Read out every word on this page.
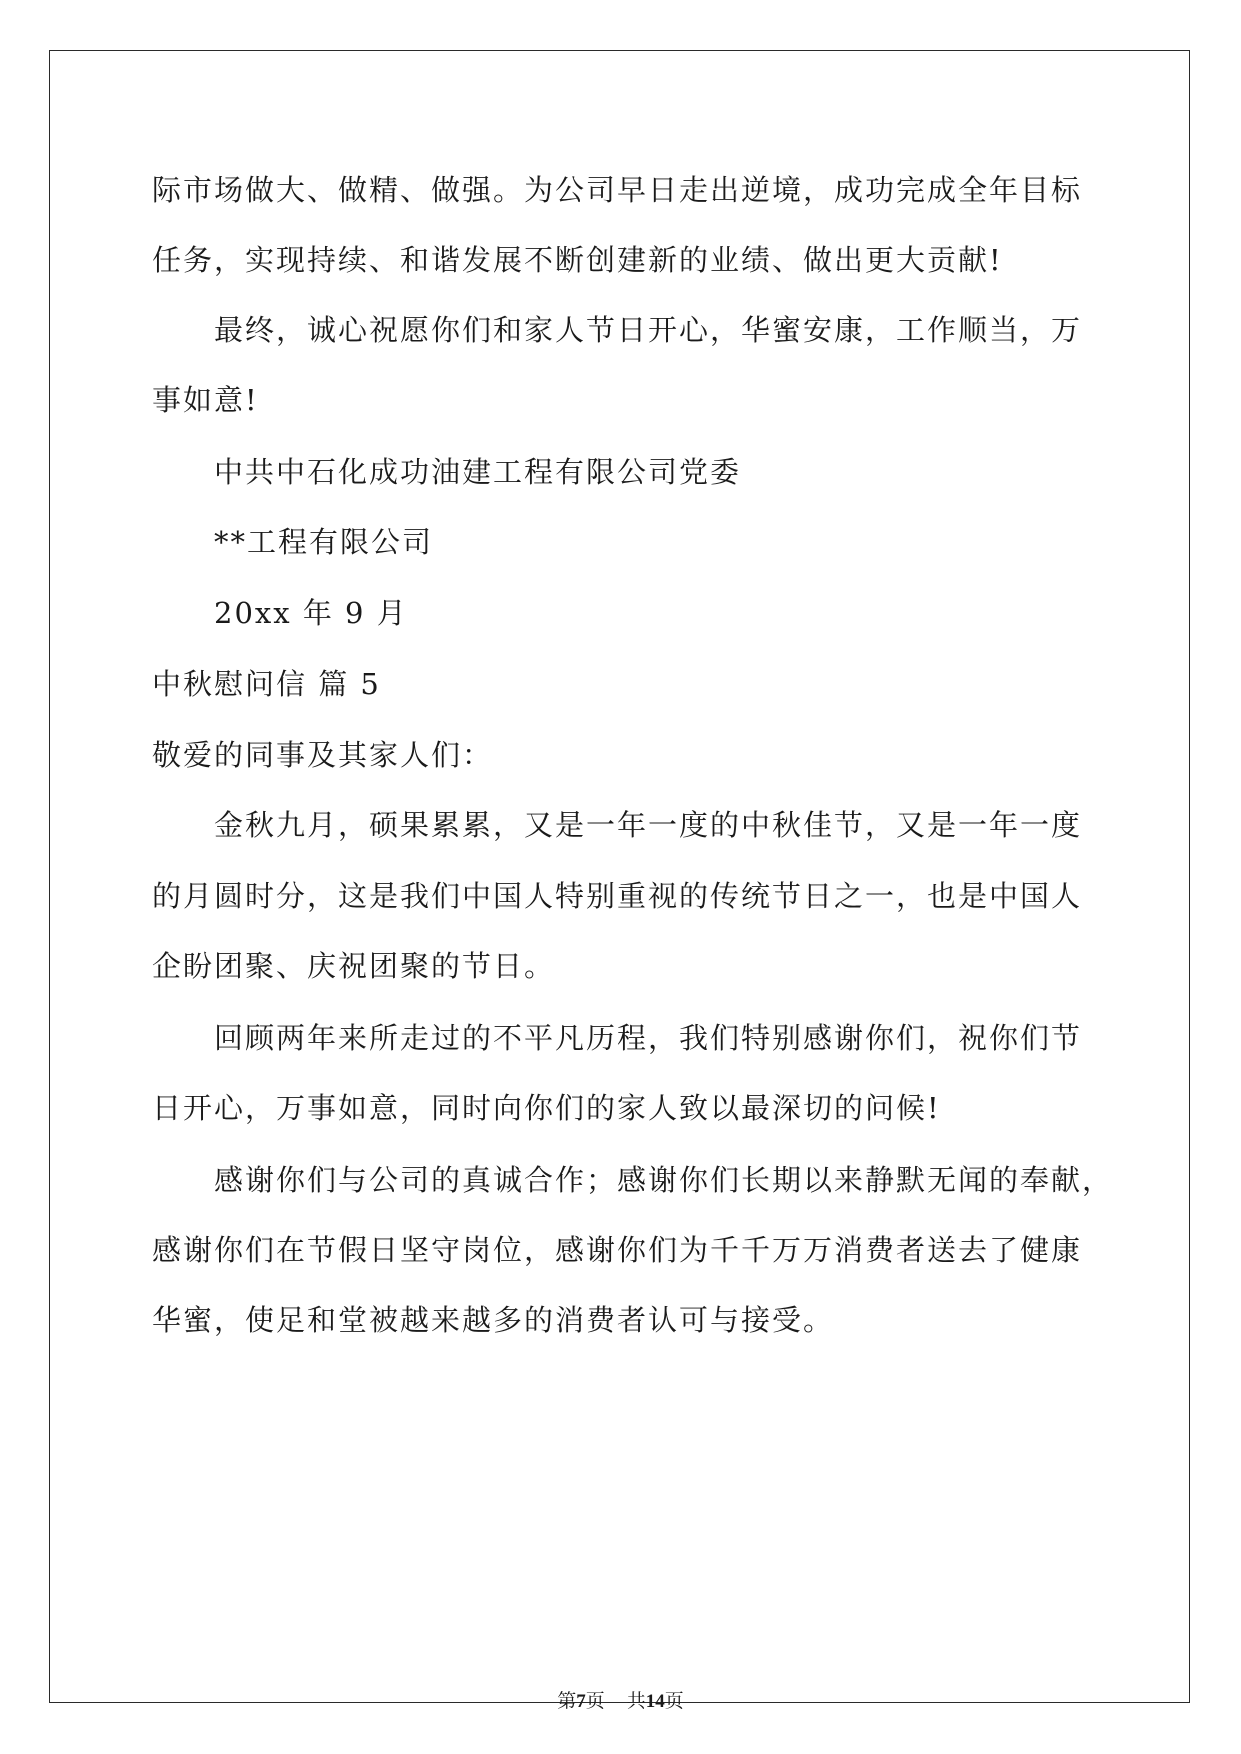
际市场做大、做精、做强。为公司早日走出逆境，成功完成全年目标
任务，实现持续、和谐发展不断创建新的业绩、做出更大贡献!
最终，诚心祝愿你们和家人节日开心，华蜜安康，工作顺当，万
事如意!
中共中石化成功油建工程有限公司党委
**工程有限公司
20xx 年 9 月
中秋慰问信 篇 5
敬爱的同事及其家人们：
金秋九月，硕果累累，又是一年一度的中秋佳节，又是一年一度
的月圆时分，这是我们中国人特别重视的传统节日之一，也是中国人
企盼团聚、庆祝团聚的节日。
回顾两年来所走过的不平凡历程，我们特别感谢你们，祝你们节
日开心，万事如意，同时向你们的家人致以最深切的问候!
感谢你们与公司的真诚合作；感谢你们长期以来静默无闻的奉献，
感谢你们在节假日坚守岗位，感谢你们为千千万万消费者送去了健康
华蜜，使足和堂被越来越多的消费者认可与接受。
第7页 共14页
